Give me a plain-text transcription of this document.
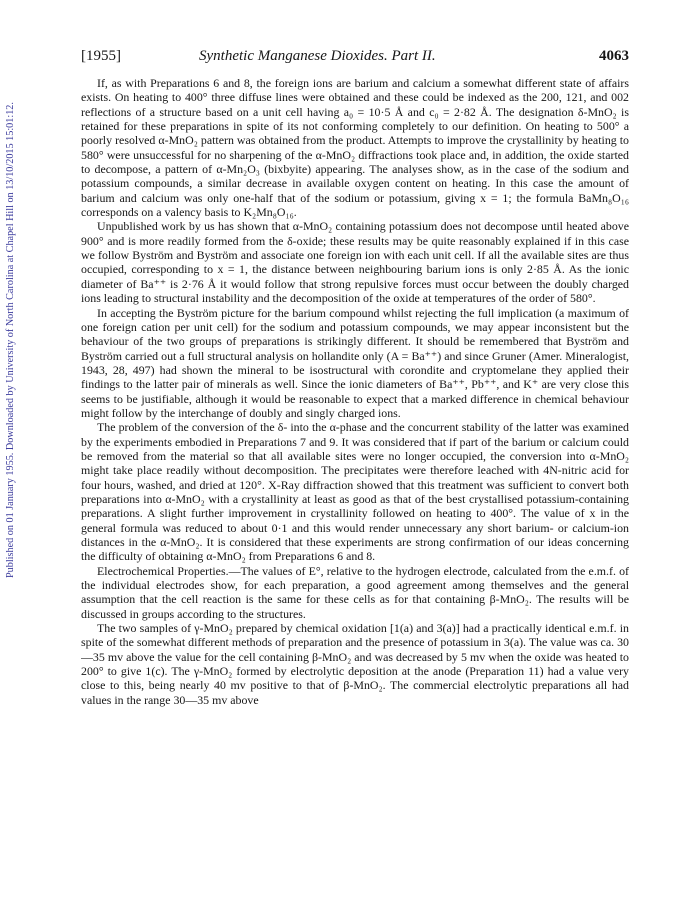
Published on 01 January 1955. Downloaded by University of North Carolina at Chapel Hill on 13/10/2015 15:01:12.
[1955]	Synthetic Manganese Dioxides. Part II.	4063

If, as with Preparations 6 and 8, the foreign ions are barium and calcium a somewhat different state of affairs exists. On heating to 400° three diffuse lines were obtained and these could be indexed as the 200, 121, and 002 reflections of a structure based on a unit cell having a₀ = 10·5 Å and c₀ = 2·82 Å. The designation δ-MnO₂ is retained for these preparations in spite of its not conforming completely to our definition. On heating to 500° a poorly resolved α-MnO₂ pattern was obtained from the product. Attempts to improve the crystallinity by heating to 580° were unsuccessful for no sharpening of the α-MnO₂ diffractions took place and, in addition, the oxide started to decompose, a pattern of α-Mn₂O₃ (bixbyite) appearing. The analyses show, as in the case of the sodium and potassium compounds, a similar decrease in available oxygen content on heating. In this case the amount of barium and calcium was only one-half that of the sodium or potassium, giving x = 1; the formula BaMn₈O₁₆ corresponds on a valency basis to K₂Mn₈O₁₆.

Unpublished work by us has shown that α-MnO₂ containing potassium does not decompose until heated above 900° and is more readily formed from the δ-oxide; these results may be quite reasonably explained if in this case we follow Byström and Byström and associate one foreign ion with each unit cell. If all the available sites are thus occupied, corresponding to x = 1, the distance between neighbouring barium ions is only 2·85 Å. As the ionic diameter of Ba⁺⁺ is 2·76 Å it would follow that strong repulsive forces must occur between the doubly charged ions leading to structural instability and the decomposition of the oxide at temperatures of the order of 580°.

In accepting the Byström picture for the barium compound whilst rejecting the full implication (a maximum of one foreign cation per unit cell) for the sodium and potassium compounds, we may appear inconsistent but the behaviour of the two groups of preparations is strikingly different. It should be remembered that Byström and Byström carried out a full structural analysis on hollandite only (A = Ba⁺⁺) and since Gruner (Amer. Mineralogist, 1943, 28, 497) had shown the mineral to be isostructural with corondite and cryptomelane they applied their findings to the latter pair of minerals as well. Since the ionic diameters of Ba⁺⁺, Pb⁺⁺, and K⁺ are very close this seems to be justifiable, although it would be reasonable to expect that a marked difference in chemical behaviour might follow by the interchange of doubly and singly charged ions.

The problem of the conversion of the δ- into the α-phase and the concurrent stability of the latter was examined by the experiments embodied in Preparations 7 and 9. It was considered that if part of the barium or calcium could be removed from the material so that all available sites were no longer occupied, the conversion into α-MnO₂ might take place readily without decomposition. The precipitates were therefore leached with 4N-nitric acid for four hours, washed, and dried at 120°. X-Ray diffraction showed that this treatment was sufficient to convert both preparations into α-MnO₂ with a crystallinity at least as good as that of the best crystallised potassium-containing preparations. A slight further improvement in crystallinity followed on heating to 400°. The value of x in the general formula was reduced to about 0·1 and this would render unnecessary any short barium- or calcium-ion distances in the α-MnO₂. It is considered that these experiments are strong confirmation of our ideas concerning the difficulty of obtaining α-MnO₂ from Preparations 6 and 8.

Electrochemical Properties.—The values of E°, relative to the hydrogen electrode, calculated from the e.m.f. of the individual electrodes show, for each preparation, a good agreement among themselves and the general assumption that the cell reaction is the same for these cells as for that containing β-MnO₂. The results will be discussed in groups according to the structures.

The two samples of γ-MnO₂ prepared by chemical oxidation [1(a) and 3(a)] had a practically identical e.m.f. in spite of the somewhat different methods of preparation and the presence of potassium in 3(a). The value was ca. 30—35 mv above the value for the cell containing β-MnO₂ and was decreased by 5 mv when the oxide was heated to 200° to give 1(c). The γ-MnO₂ formed by electrolytic deposition at the anode (Preparation 11) had a value very close to this, being nearly 40 mv positive to that of β-MnO₂. The commercial electrolytic preparations all had values in the range 30—35 mv above
